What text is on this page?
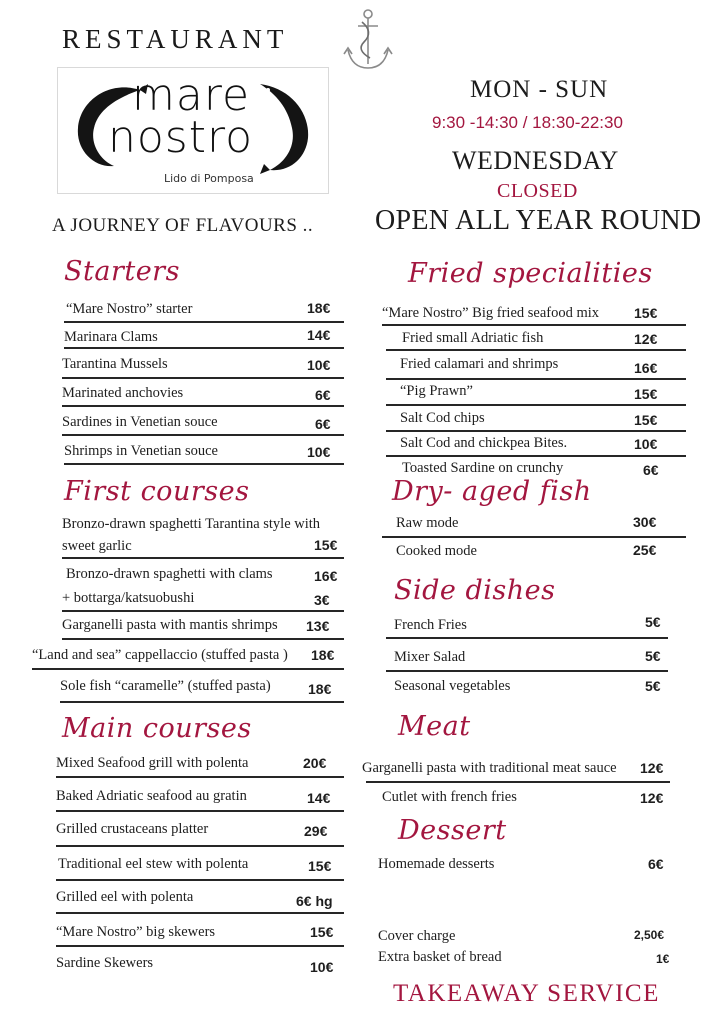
RESTAURANT
mare
nostro
Lido di Pomposa
A JOURNEY OF FLAVOURS ..
MON - SUN
9:30 -14:30 / 18:30-22:30
WEDNESDAY
CLOSED
OPEN ALL YEAR ROUND
Starters
“Mare Nostro” starter	18€
Marinara Clams	14€
Tarantina Mussels	10€
Marinated anchovies	6€
Sardines in Venetian souce	6€
Shrimps in Venetian souce	10€
First courses
Bronzo-drawn spaghetti Tarantina style with
sweet garlic	15€
Bronzo-drawn spaghetti with clams	16€
+ bottarga/katsuobushi	3€
Garganelli pasta with mantis shrimps 13€
“Land and sea” cappellaccio (stuffed pasta ) 18€
Sole fish “caramelle” (stuffed pasta)	18€
Main courses
Mixed Seafood grill with polenta	20€
Baked Adriatic seafood au gratin	14€
Grilled crustaceans platter	29€
Traditional eel stew with polenta	15€
Grilled eel with polenta	6€ hg
“Mare Nostro” big skewers	15€
Sardine Skewers	10€
Fried specialities
“Mare Nostro” Big fried seafood mix 15€
Fried small Adriatic fish	12€
Fried calamari and shrimps	16€
“Pig Prawn”	15€
Salt Cod chips	15€
Salt Cod and chickpea Bites.	10€
Toasted Sardine on crunchy	6€
Dry- aged fish
Raw mode	30€
Cooked mode	25€
Side dishes
French Fries	5€
Mixer Salad	5€
Seasonal vegetables	5€
Meat
Garganelli pasta with traditional meat sauce 12€
Cutlet with french fries	12€
Dessert
Homemade desserts	6€
Cover charge	2,50€
Extra basket of bread	1€
TAKEAWAY SERVICE
